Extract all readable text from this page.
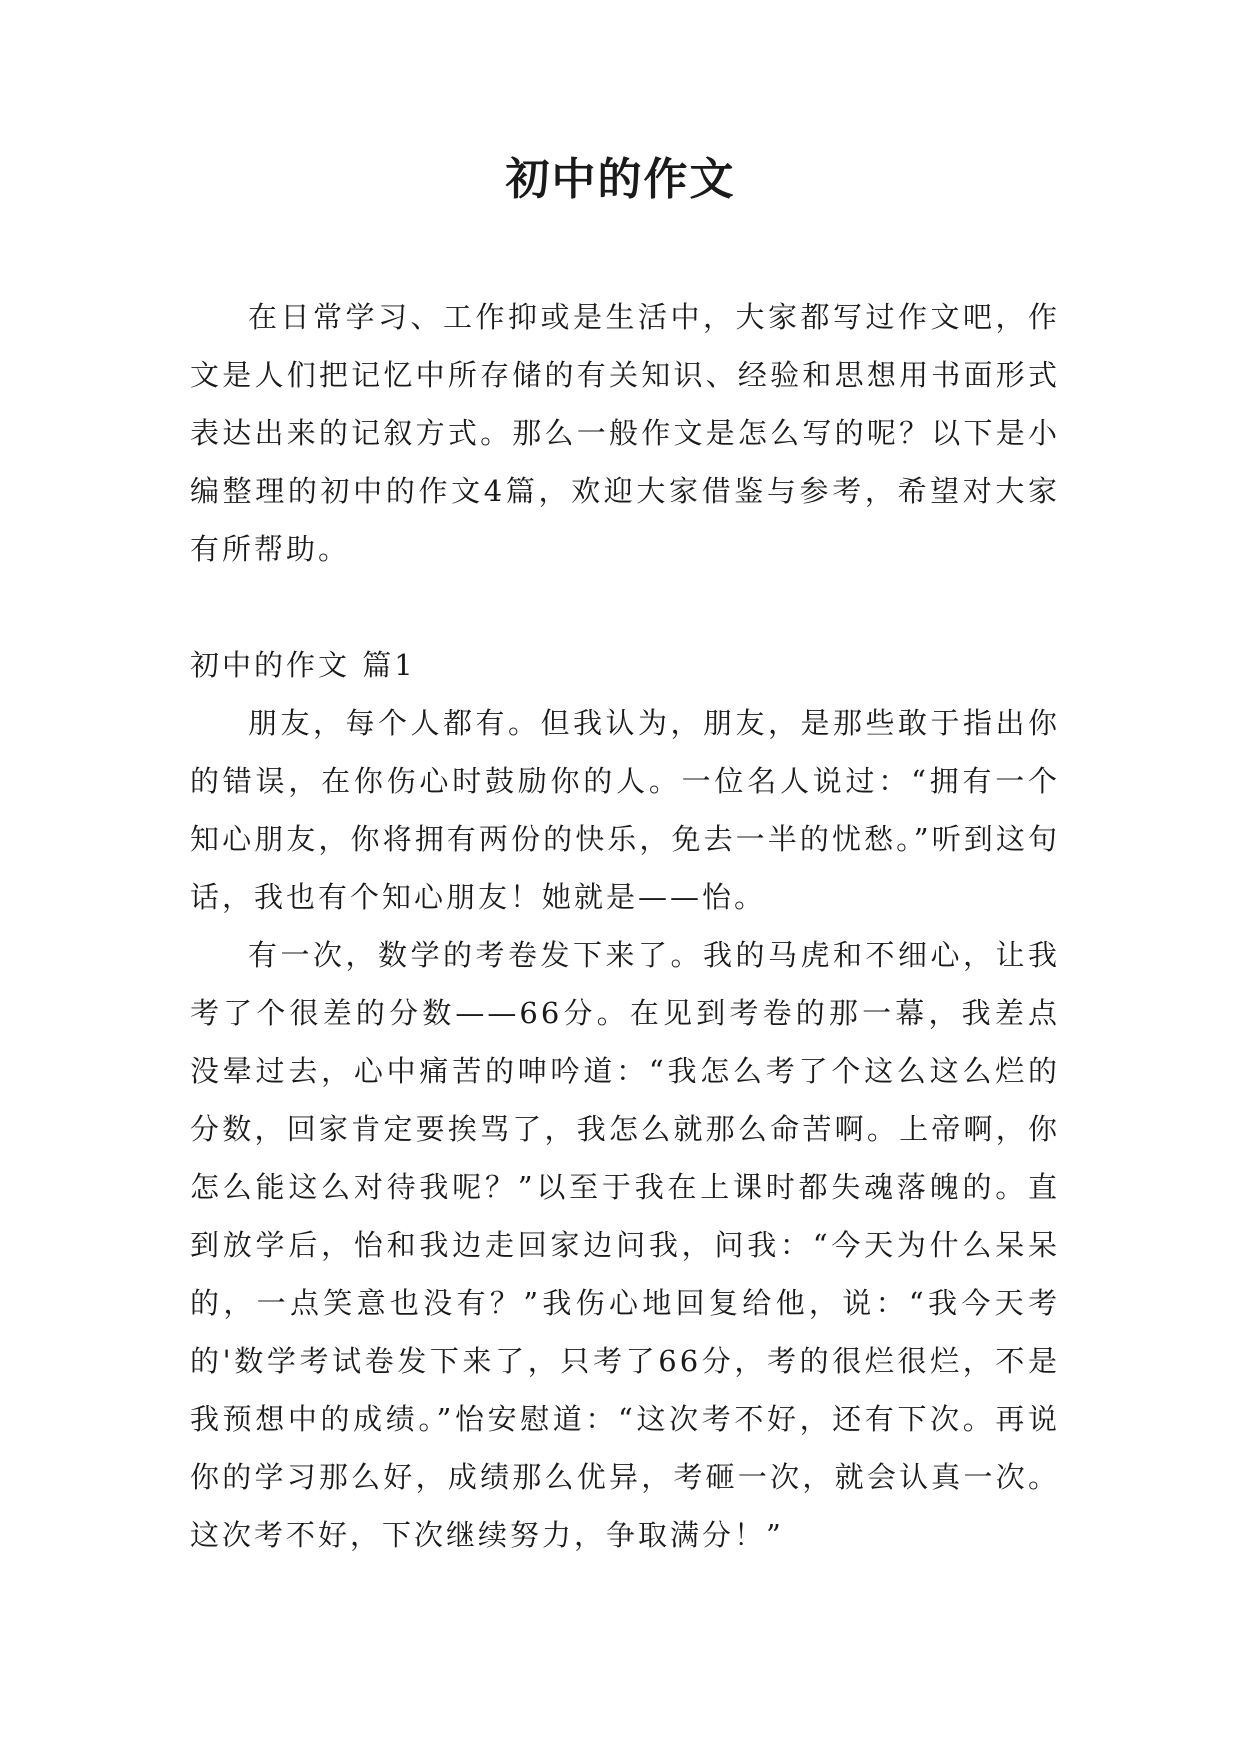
初中的作文

在日常学习、工作抑或是生活中，大家都写过作文吧，作文是人们把记忆中所存储的有关知识、经验和思想用书面形式表达出来的记叙方式。那么一般作文是怎么写的呢？以下是小编整理的初中的作文4篇，欢迎大家借鉴与参考，希望对大家有所帮助。

初中的作文 篇1

朋友，每个人都有。但我认为，朋友，是那些敢于指出你的错误，在你伤心时鼓励你的人。一位名人说过：“拥有一个知心朋友，你将拥有两份的快乐，免去一半的忧愁。”听到这句话，我也有个知心朋友！她就是——怡。

有一次，数学的考卷发下来了。我的马虎和不细心，让我考了个很差的分数——66分。在见到考卷的那一幕，我差点没晕过去，心中痛苦的呻吟道：“我怎么考了个这么这么烂的分数，回家肯定要挨骂了，我怎么就那么命苦啊。上帝啊，你怎么能这么对待我呢？”以至于我在上课时都失魂落魄的。直到放学后，怡和我边走回家边问我，问我：“今天为什么呆呆的，一点笑意也没有？”我伤心地回复给他，说：“我今天考的'数学考试卷发下来了，只考了66分，考的很烂很烂，不是我预想中的成绩。”怡安慰道：“这次考不好，还有下次。再说你的学习那么好，成绩那么优异，考砸一次，就会认真一次。这次考不好，下次继续努力，争取满分！”
